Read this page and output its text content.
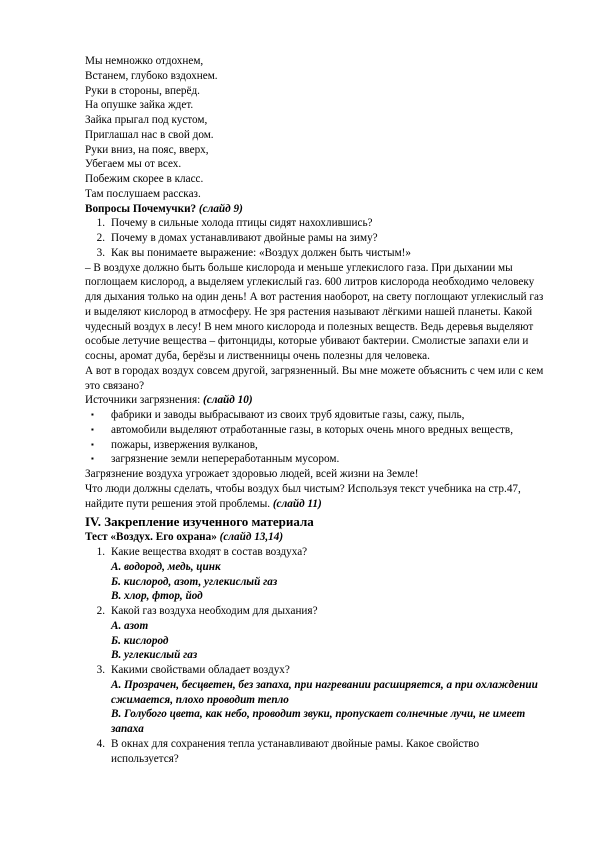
Мы немножко отдохнем,
Встанем, глубоко вздохнем.
Руки в стороны, вперёд.
На опушке зайка ждет.
Зайка прыгал под кустом,
Приглашал нас в свой дом.
Руки вниз, на пояс, вверх,
Убегаем мы от всех.
Побежим скорее в класс.
Там послушаем рассказ.
Вопросы Почемучки? (слайд 9)
1. Почему в сильные холода птицы сидят нахохлившись?
2. Почему в домах устанавливают двойные рамы на зиму?
3. Как вы понимаете выражение: «Воздух должен быть чистым!»
– В воздухе должно быть больше кислорода и меньше углекислого газа. При дыхании мы поглощаем кислород, а выделяем углекислый газ. 600 литров кислорода необходимо человеку для дыхания только на один день! А вот растения наоборот, на свету поглощают углекислый газ и выделяют кислород в атмосферу. Не зря растения называют лёгкими нашей планеты. Какой чудесный воздух в лесу! В нем много кислорода и полезных веществ. Ведь деревья выделяют особые летучие вещества – фитонциды, которые убивают бактерии. Смолистые запахи ели и сосны, аромат дуба, берёзы и лиственницы очень полезны для человека.
А вот в городах воздух совсем другой, загрязненный. Вы мне можете объяснить с чем или с кем это связано?
Источники загрязнения: (слайд 10)
▪	фабрики и заводы выбрасывают из своих труб ядовитые газы, сажу, пыль,
▪	автомобили выделяют отработанные газы, в которых очень много вредных веществ,
▪	пожары, извержения вулканов,
▪	загрязнение земли непереработанным мусором.
Загрязнение воздуха угрожает здоровью людей, всей жизни на Земле!
Что люди должны сделать, чтобы воздух был чистым? Используя текст учебника на стр.47, найдите пути решения этой проблемы. (слайд 11)
IV. Закрепление изученного материала
Тест «Воздух. Его охрана» (слайд 13,14)
1. Какие вещества входят в состав воздуха?
А. водород, медь, цинк
Б. кислород, азот, углекислый газ
В. хлор, фтор, йод
2. Какой газ воздуха необходим для дыхания?
А. азот
Б. кислород
В. углекислый газ
3. Какими свойствами обладает воздух?
А. Прозрачен, бесцветен, без запаха, при нагревании расширяется, а при охлаждении сжимается, плохо проводит тепло
В. Голубого цвета, как небо, проводит звуки, пропускает солнечные лучи, не имеет запаха
4. В окнах для сохранения тепла устанавливают двойные рамы. Какое свойство используется?
